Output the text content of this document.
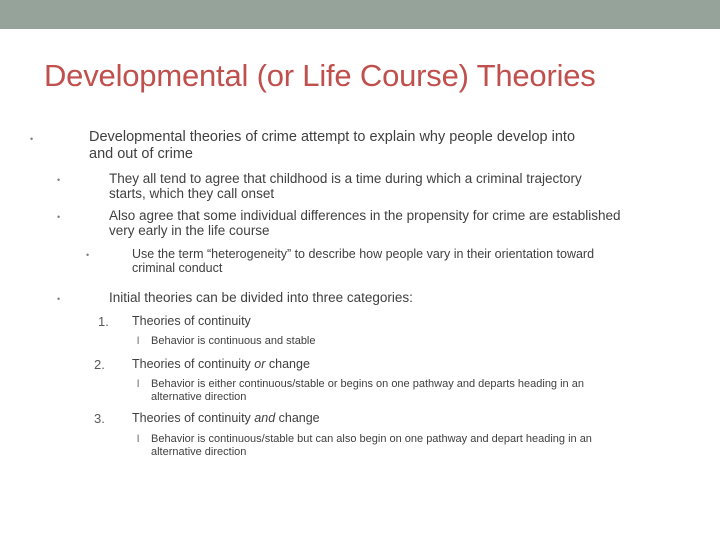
Developmental (or Life Course) Theories
•	Developmental theories of crime attempt to explain why people develop into
and out of crime
•	They all tend to agree that childhood is a time during which a criminal trajectory
starts, which they call onset
•	Also agree that some individual differences in the propensity for crime are established
very early in the life course
•	Use the term “heterogeneity” to describe how people vary in their orientation toward
criminal conduct
•	Initial theories can be divided into three categories:
1. Theories of continuity
l Behavior is continuous and stable
2. Theories of continuity or change
l Behavior is either continuous/stable or begins on one pathway and departs heading in an
alternative direction
3. Theories of continuity and change
l Behavior is continuous/stable but can also begin on one pathway and depart heading in an
alternative direction
